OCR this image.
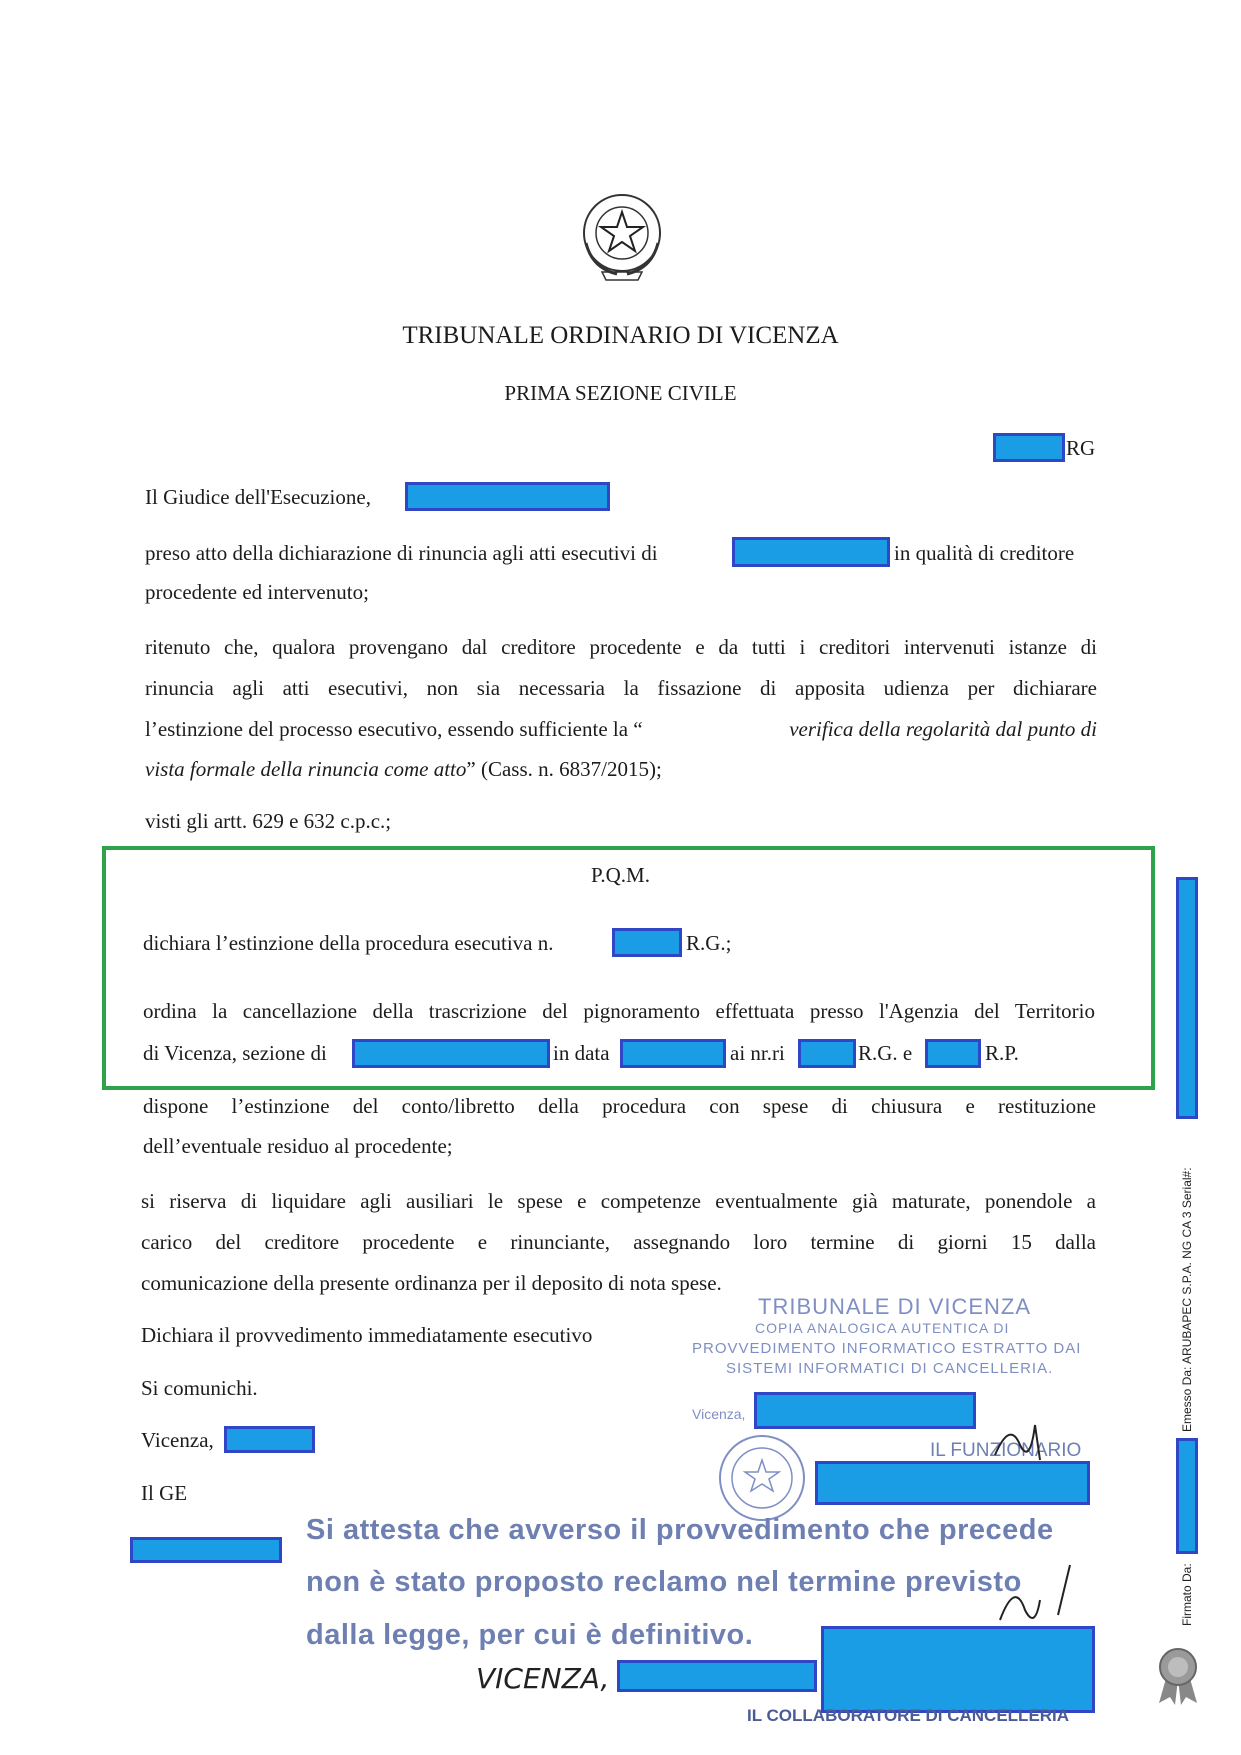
TRIBUNALE ORDINARIO DI VICENZA
PRIMA SEZIONE CIVILE
RG
Il Giudice dell'Esecuzione,
preso atto della dichiarazione di rinuncia agli atti esecutivi di	in qualità di creditore
procedente ed intervenuto;
ritenuto che, qualora provengano dal creditore procedente e da tutti i creditori intervenuti istanze di
rinuncia agli atti esecutivi, non sia necessaria la fissazione di apposita udienza per dichiarare
l’estinzione del processo esecutivo, essendo sufficiente la “	verifica della regolarità dal punto di
vista formale della rinuncia come atto” (Cass. n. 6837/2015);
visti gli artt. 629 e 632 c.p.c.;
P.Q.M.
dichiara l’estinzione della procedura esecutiva n.	R.G.;
ordina la cancellazione della trascrizione del pignoramento effettuata presso l'Agenzia del Territorio
di Vicenza, sezione di	in data	ai nr.ri	R.G. e	R.P.
dispone l’estinzione del conto/libretto della procedura con spese di chiusura e restituzione
dell’eventuale residuo al procedente;
si riserva di liquidare agli ausiliari le spese e competenze eventualmente già maturate, ponendole a
carico del creditore procedente e rinunciante, assegnando loro termine di giorni 15 dalla
comunicazione della presente ordinanza per il deposito di nota spese.
Dichiara il provvedimento immediatamente esecutivo
Si comunichi.
Vicenza,
Il GE
TRIBUNALE DI VICENZA
COPIA ANALOGICA AUTENTICA DI
PROVVEDIMENTO INFORMATICO ESTRATTO DAI
SISTEMI INFORMATICI DI CANCELLERIA.
Vicenza,
IL FUNZIONARIO
Si attesta che avverso il provvedimento che precede
non è stato proposto reclamo nel termine previsto
dalla legge, per cui è definitivo.
VICENZA,
IL COLLABORATORE DI CANCELLERIA
Emesso Da: ARUBAPEC S.P.A. NG CA 3 Serial#:
Firmato Da:
